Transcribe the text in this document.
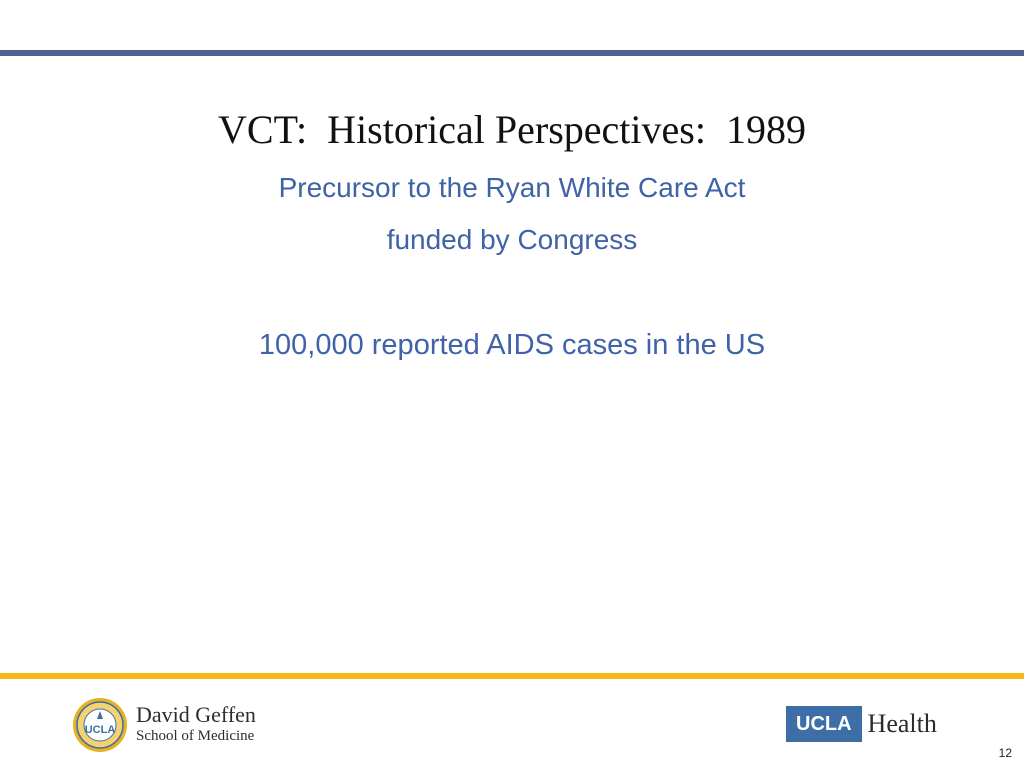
VCT:  Historical Perspectives:  1989
Precursor to the Ryan White Care Act
funded by Congress
100,000 reported AIDS cases in the US
UCLA
David Geffen
School of Medicine
UCLA Health
12
